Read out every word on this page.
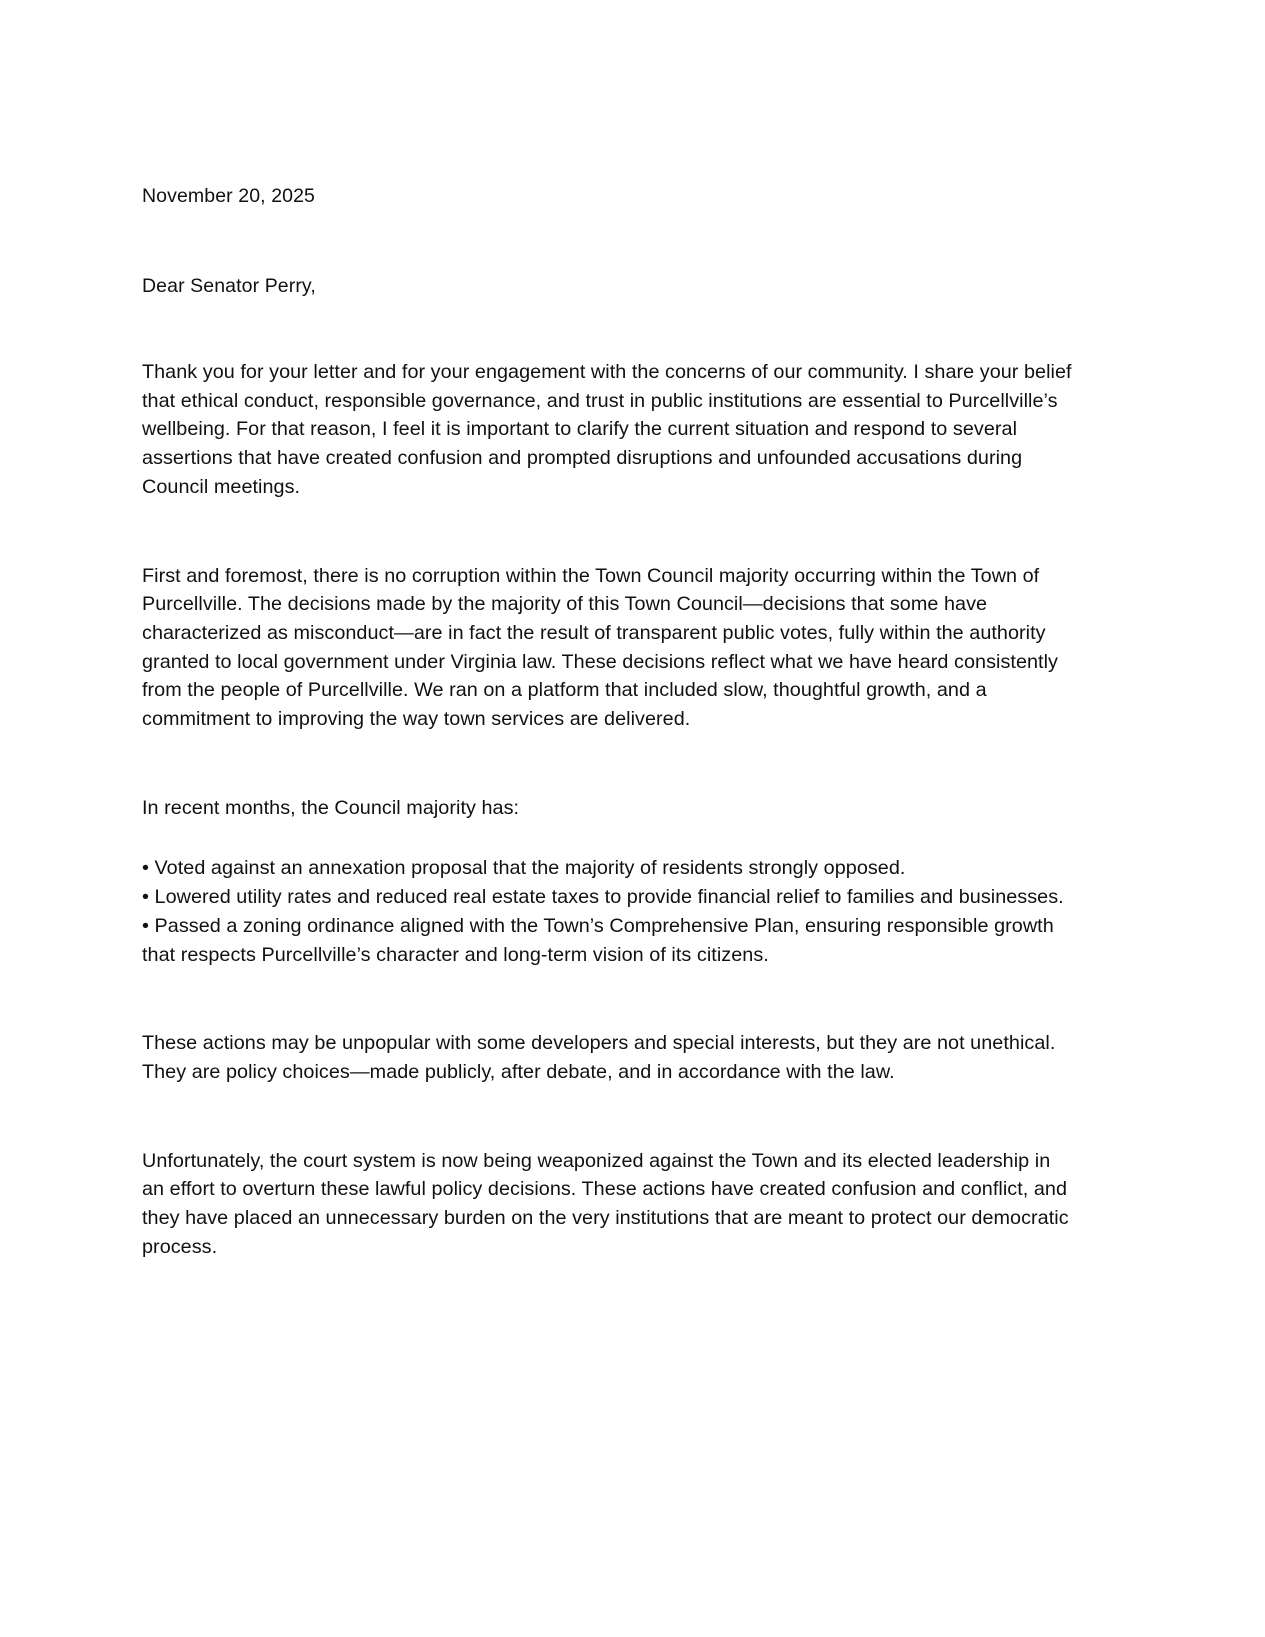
November 20, 2025
Dear Senator Perry,

Thank you for your letter and for your engagement with the concerns of our community. I share your belief that ethical conduct, responsible governance, and trust in public institutions are essential to Purcellville’s wellbeing. For that reason, I feel it is important to clarify the current situation and respond to several assertions that have created confusion and prompted disruptions and unfounded accusations during Council meetings.

First and foremost, there is no corruption within the Town Council majority occurring within the Town of Purcellville. The decisions made by the majority of this Town Council—decisions that some have characterized as misconduct—are in fact the result of transparent public votes, fully within the authority granted to local government under Virginia law. These decisions reflect what we have heard consistently from the people of Purcellville. We ran on a platform that included slow, thoughtful growth, and a commitment to improving the way town services are delivered.

In recent months, the Council majority has:

• Voted against an annexation proposal that the majority of residents strongly opposed.
• Lowered utility rates and reduced real estate taxes to provide financial relief to families and businesses.
• Passed a zoning ordinance aligned with the Town’s Comprehensive Plan, ensuring responsible growth that respects Purcellville’s character and long-term vision of its citizens.

These actions may be unpopular with some developers and special interests, but they are not unethical. They are policy choices—made publicly, after debate, and in accordance with the law.

Unfortunately, the court system is now being weaponized against the Town and its elected leadership in an effort to overturn these lawful policy decisions. These actions have created confusion and conflict, and they have placed an unnecessary burden on the very institutions that are meant to protect our democratic process.
